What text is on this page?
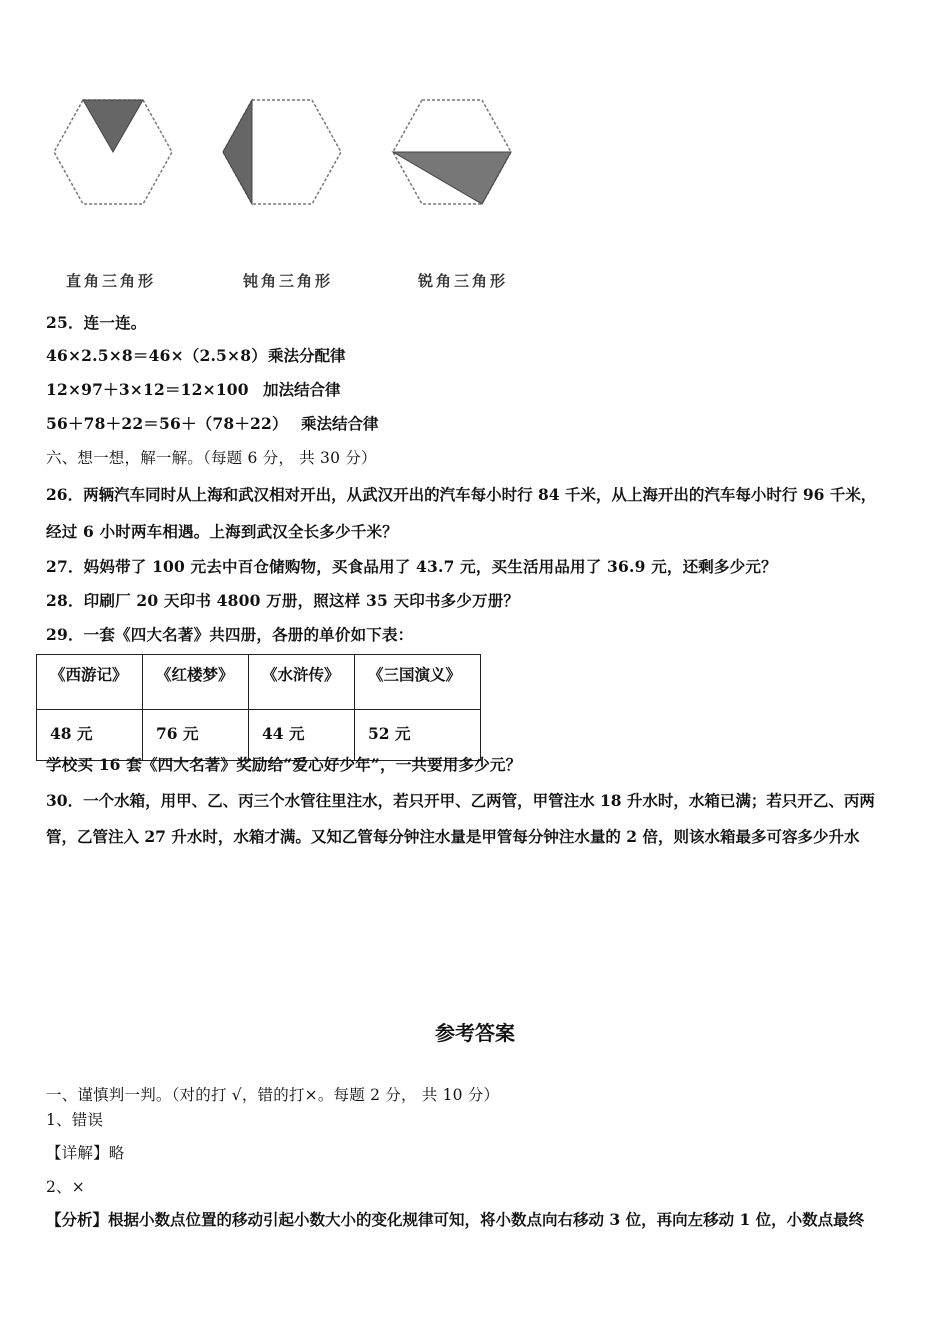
直角三角形	钝角三角形	锐角三角形
25．连一连。
46×2.5×8＝46×（2.5×8） 乘法分配律
12×97＋3×12＝12×100 加法结合律
56＋78＋22＝56＋（78＋22） 乘法结合律
六、想一想，解一解。（每题 6 分， 共 30 分）
26．两辆汽车同时从上海和武汉相对开出，从武汉开出的汽车每小时行 84 千米，从上海开出的汽车每小时行 96 千米，
经过 6 小时两车相遇。上海到武汉全长多少千米？
27．妈妈带了 100 元去中百仓储购物，买食品用了 43.7 元，买生活用品用了 36.9 元，还剩多少元？
28．印刷厂 20 天印书 4800 万册，照这样 35 天印书多少万册？
29．一套《四大名著》共四册，各册的单价如下表：
《西游记》	《红楼梦》	《水浒传》	《三国演义》
48 元	76 元	44 元	52 元
学校买 16 套《四大名著》奖励给“爱心好少年”，一共要用多少元？
30．一个水箱，用甲、乙、丙三个水管往里注水，若只开甲、乙两管，甲管注水 18 升水时，水箱已满；若只开乙、丙两
管，乙管注入 27 升水时，水箱才满。又知乙管每分钟注水量是甲管每分钟注水量的 2 倍，则该水箱最多可容多少升水
参考答案
一、谨慎判一判。（对的打 √，错的打×。每题 2 分， 共 10 分）
1、错误
【详解】略
2、×
【分析】根据小数点位置的移动引起小数大小的变化规律可知，将小数点向右移动 3 位，再向左移动 1 位，小数点最终
